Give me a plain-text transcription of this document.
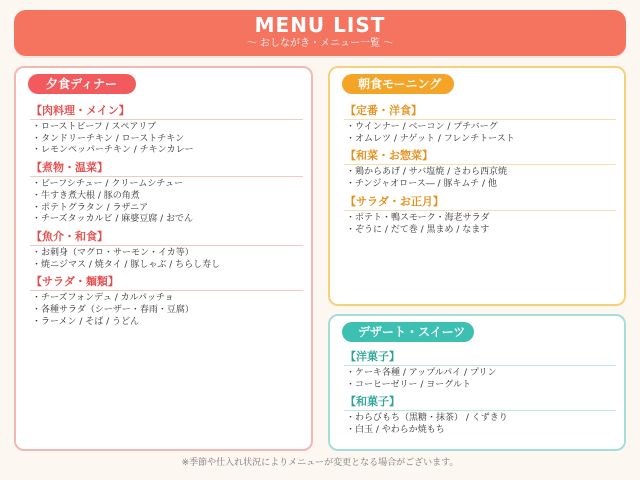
MENU LIST
〜 おしながき・メニュー一覧 〜
夕食ディナー
【肉料理・メイン】
・ローストビーフ / スペアリブ
・タンドリーチキン / ローストチキン
・レモンペッパーチキン / チキンカレー
【煮物・温菜】
・ビーフシチュー / クリームシチュー
・牛すき煮大根 / 豚の角煮
・ポテトグラタン / ラザニア
・チーズタッカルビ / 麻婆豆腐 / おでん
【魚介・和食】
・お刺身（マグロ・サーモン・イカ等）
・焼ニジマス / 焼タイ / 豚しゃぶ / ちらし寿し
【サラダ・麺類】
・チーズフォンデュ / カルパッチョ
・各種サラダ（シーザー・春雨・豆腐）
・ラーメン / そば / うどん
朝食モーニング
【定番・洋食】
・ウインナー / ベーコン / プチバーグ
・オムレツ / ナゲット / フレンチトースト
【和菜・お惣菜】
・鶏からあげ / サバ塩焼 / さわら西京焼
・チンジャオロース― / 豚キムチ / 他
【サラダ・お正月】
・ポテト・鴨スモーク・海老サラダ
・ぞうに / だて巻 / 黒まめ / なます
デザート・スイーツ
【洋菓子】
・ケーキ各種 / アップルパイ / プリン
・コーヒーゼリー / ヨーグルト
【和菓子】
・わらびもち（黒糖・抹茶） / くずきり
・白玉 / やわらか焼もち
※季節や仕入れ状況によりメニューが変更となる場合がございます。
